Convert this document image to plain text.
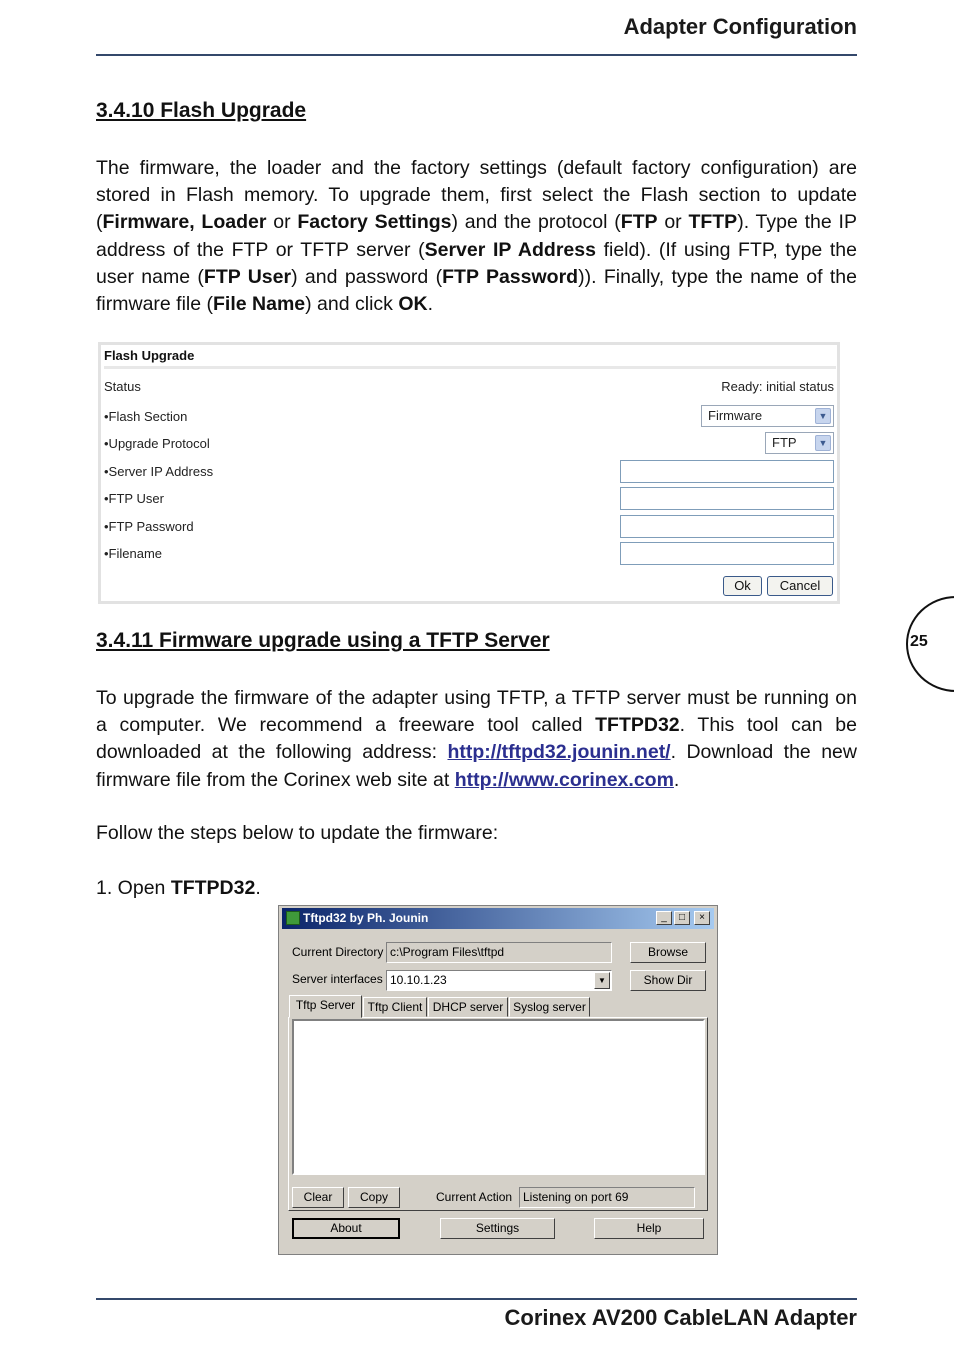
Adapter Configuration
3.4.10 Flash Upgrade
The firmware, the loader and the factory settings (default factory configuration) are stored in Flash memory. To upgrade them, first select the Flash section to update (Firmware, Loader or Factory Settings) and the protocol (FTP or TFTP). Type the IP address of the FTP or TFTP server (Server IP Address field). (If using FTP, type the user name (FTP User) and password (FTP Password)). Finally, type the name of the firmware file (File Name) and click OK.
Flash Upgrade
Status	Ready: initial status
•Flash Section	Firmware	▼
•Upgrade Protocol	FTP	▼
•Server IP Address
•FTP User
•FTP Password
•Filename
Ok	Cancel
25
3.4.11 Firmware upgrade using a TFTP Server
To upgrade the firmware of the adapter using TFTP, a TFTP server must be running on a computer. We recommend a freeware tool called TFTPD32. This tool can be downloaded at the following address: http://tftpd32.jounin.net/. Download the new firmware file from the Corinex web site at http://www.corinex.com.
Follow the steps below to update the firmware:
1. Open TFTPD32.
Tftpd32 by Ph. Jounin	_	□	×
Current Directory c:\Program Files\tftpd	Browse
Server interfaces 10.10.1.23	▼	Show Dir
Tftp Server	Tftp Client DHCP server Syslog server
Clear	Copy	Current Action Listening on port 69
About	Settings	Help
Corinex AV200 CableLAN Adapter
